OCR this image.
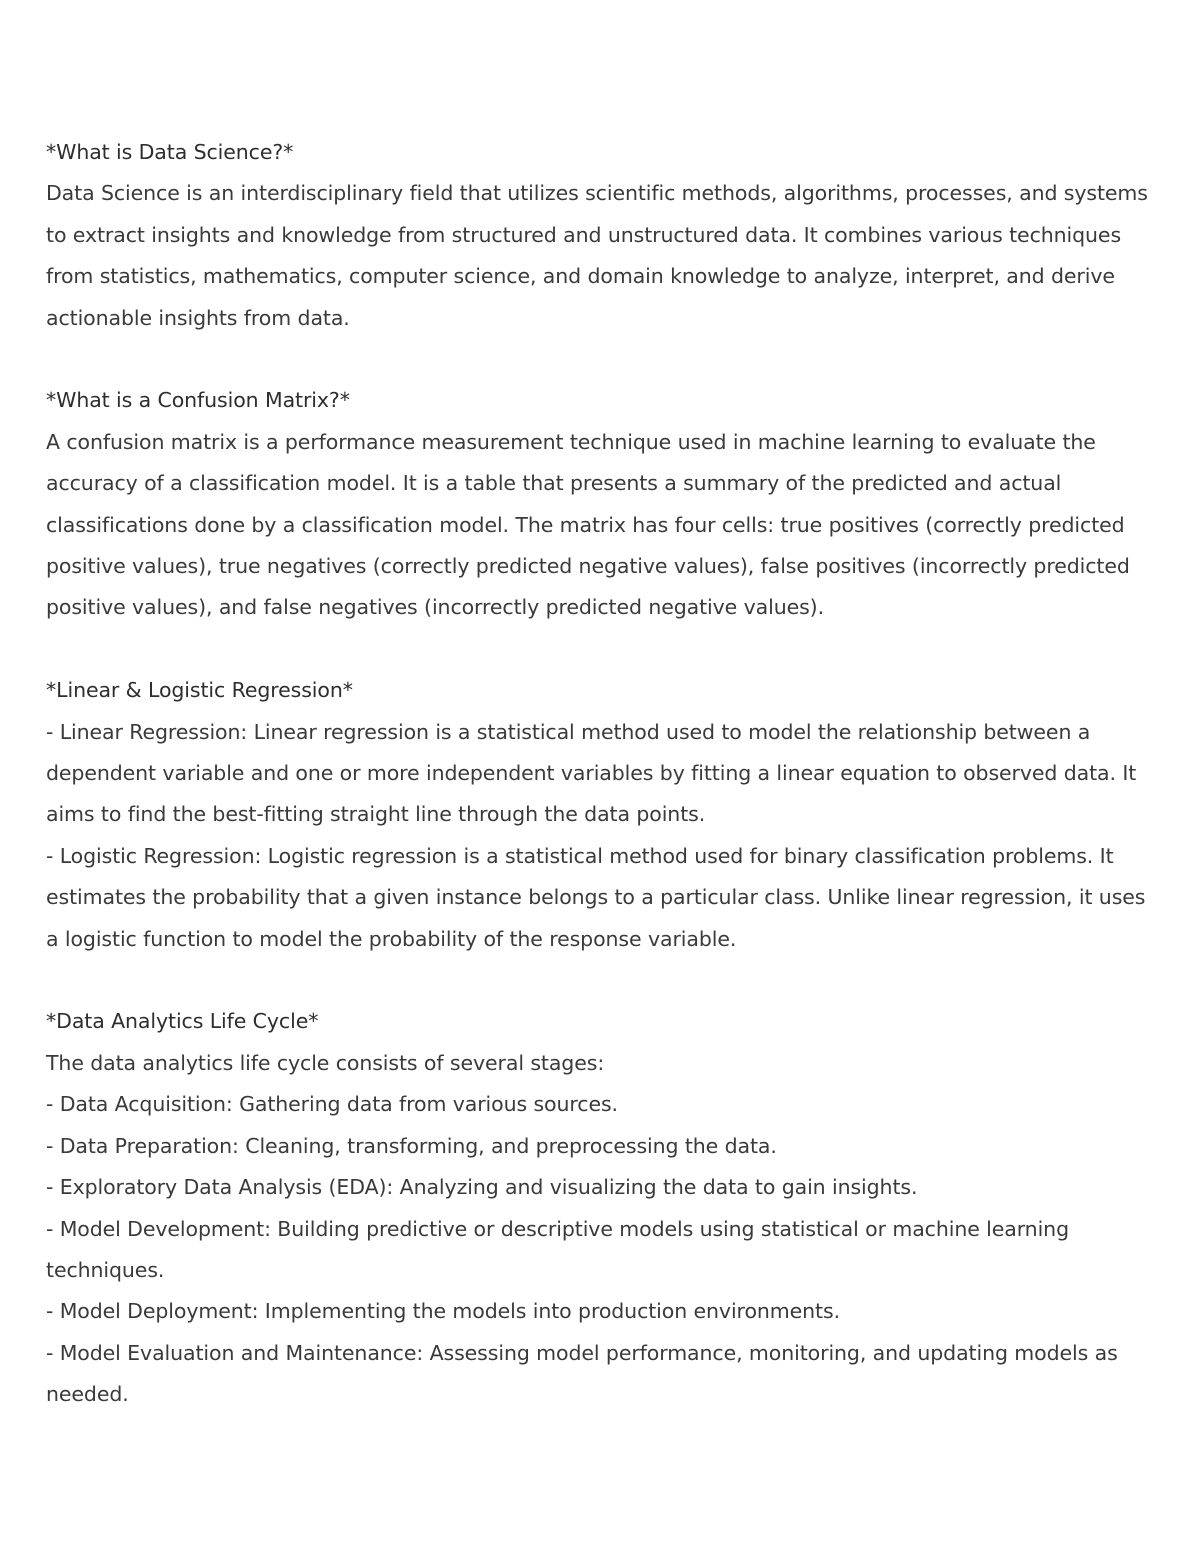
*What is Data Science?*
Data Science is an interdisciplinary field that utilizes scientific methods, algorithms, processes, and systems to extract insights and knowledge from structured and unstructured data. It combines various techniques from statistics, mathematics, computer science, and domain knowledge to analyze, interpret, and derive actionable insights from data.
*What is a Confusion Matrix?*
A confusion matrix is a performance measurement technique used in machine learning to evaluate the accuracy of a classification model. It is a table that presents a summary of the predicted and actual classifications done by a classification model. The matrix has four cells: true positives (correctly predicted positive values), true negatives (correctly predicted negative values), false positives (incorrectly predicted positive values), and false negatives (incorrectly predicted negative values).
*Linear & Logistic Regression*
- Linear Regression: Linear regression is a statistical method used to model the relationship between a dependent variable and one or more independent variables by fitting a linear equation to observed data. It aims to find the best-fitting straight line through the data points.
- Logistic Regression: Logistic regression is a statistical method used for binary classification problems. It estimates the probability that a given instance belongs to a particular class. Unlike linear regression, it uses a logistic function to model the probability of the response variable.
*Data Analytics Life Cycle*
The data analytics life cycle consists of several stages:
- Data Acquisition: Gathering data from various sources.
- Data Preparation: Cleaning, transforming, and preprocessing the data.
- Exploratory Data Analysis (EDA): Analyzing and visualizing the data to gain insights.
- Model Development: Building predictive or descriptive models using statistical or machine learning techniques.
- Model Deployment: Implementing the models into production environments.
- Model Evaluation and Maintenance: Assessing model performance, monitoring, and updating models as needed.
